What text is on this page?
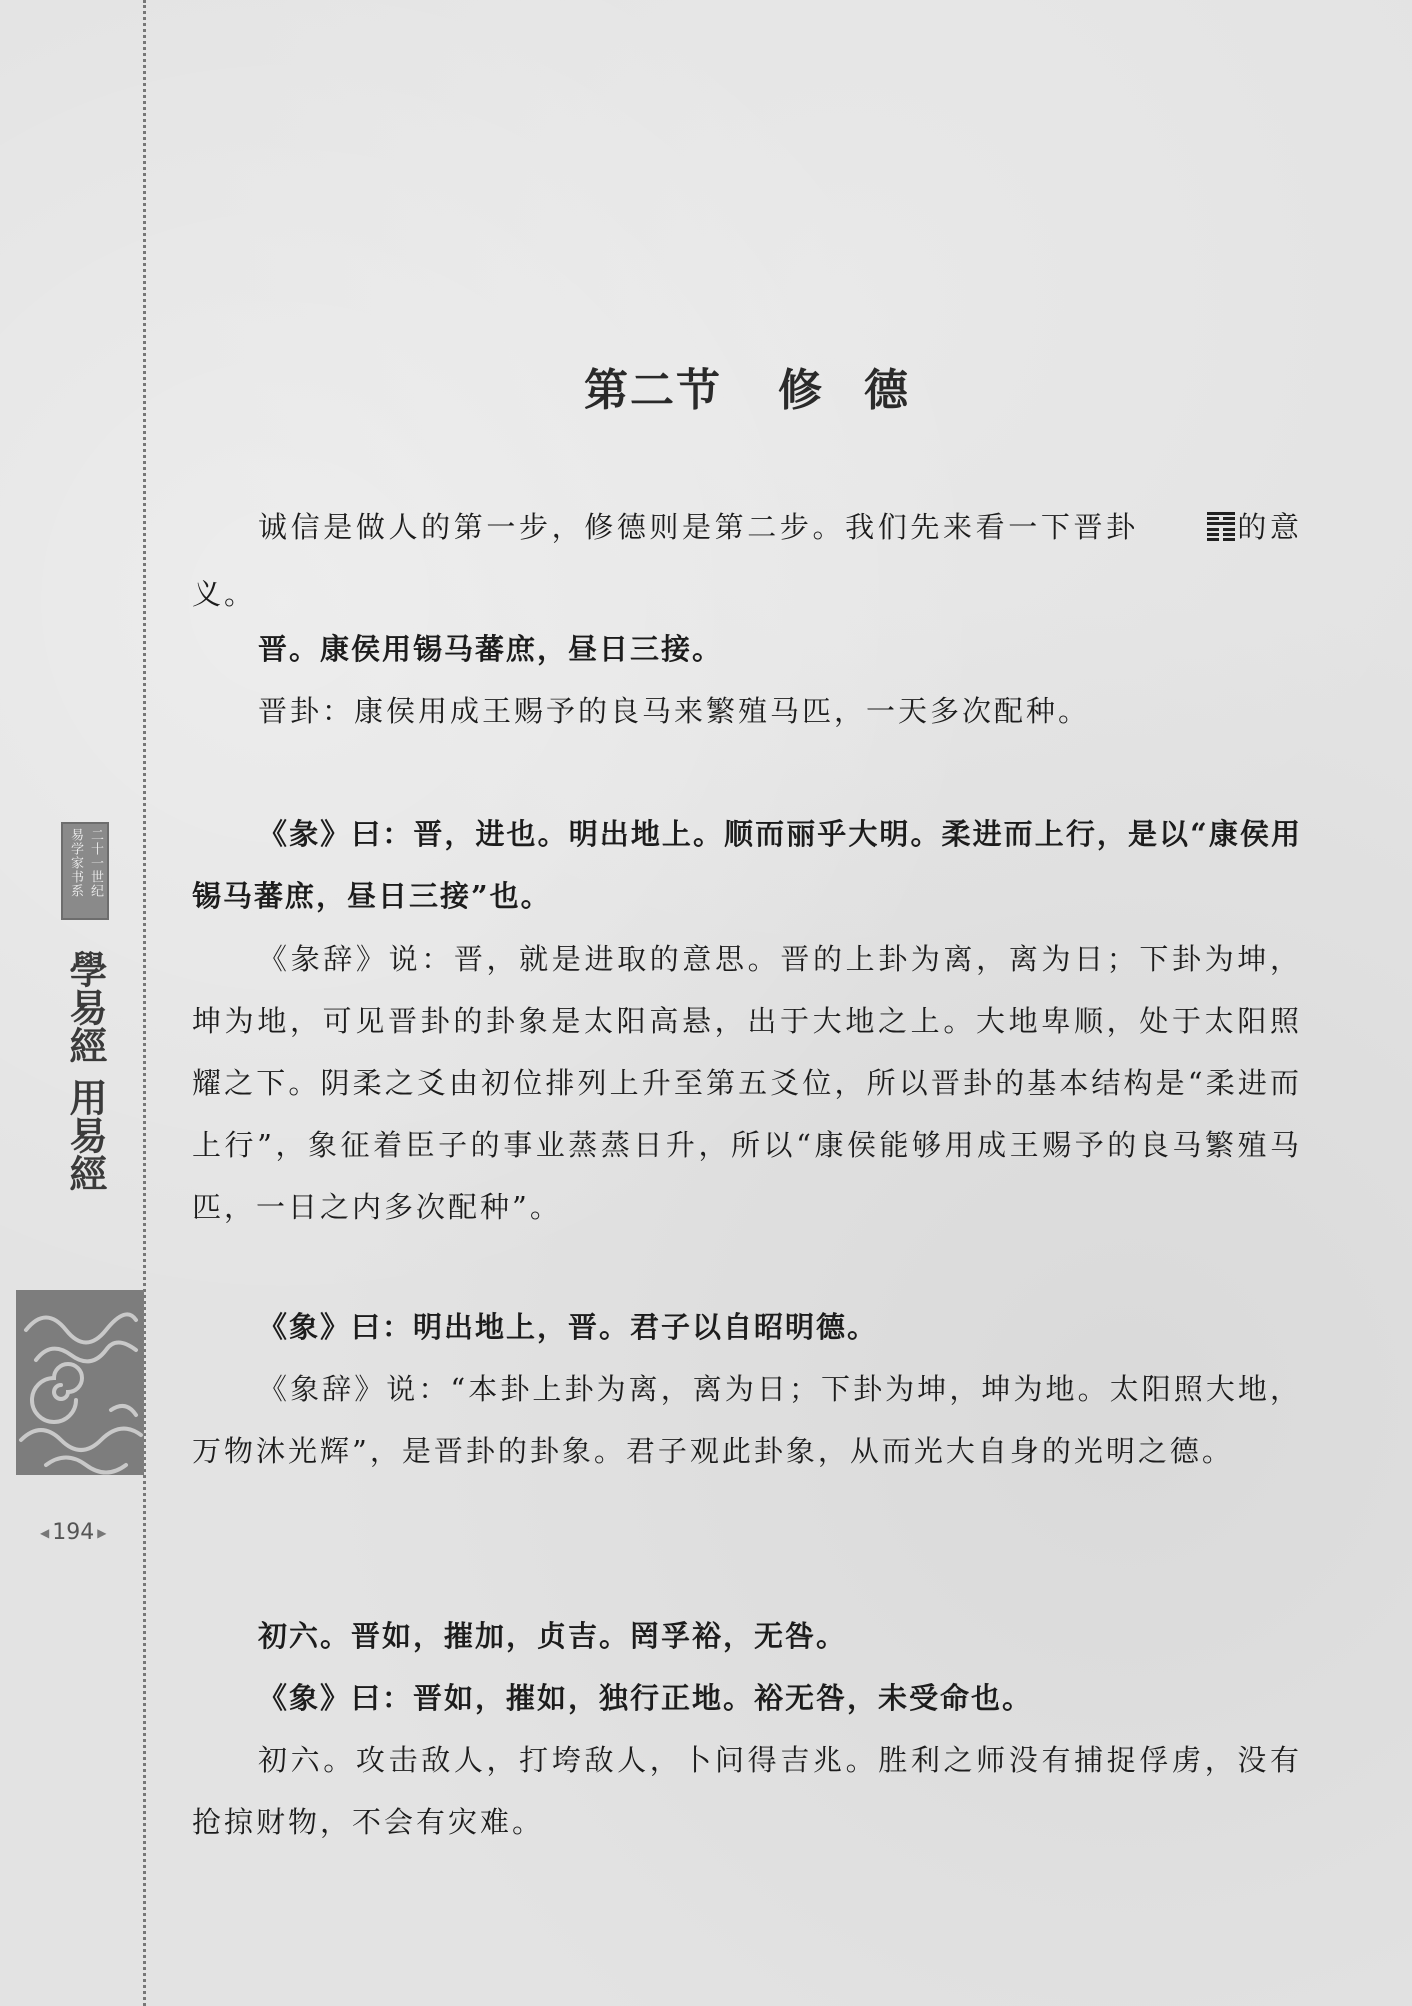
二十一世纪
易学家书系
學易經
用易經
◀ 194 ▶
第二节 修 德

诚信是做人的第一步，修德则是第二步。我们先来看一下晋卦	的意义。

晋。康侯用锡马蕃庶，昼日三接。

晋卦：康侯用成王赐予的良马来繁殖马匹，一天多次配种。

《彖》曰：晋，进也。明出地上。顺而丽乎大明。柔进而上行，是以“康侯用锡马蕃庶，昼日三接”也。

《彖辞》说：晋，就是进取的意思。晋的上卦为离，离为日；下卦为坤，坤为地，可见晋卦的卦象是太阳高悬，出于大地之上。大地卑顺，处于太阳照耀之下。阴柔之爻由初位排列上升至第五爻位，所以晋卦的基本结构是“柔进而上行”，象征着臣子的事业蒸蒸日升，所以“康侯能够用成王赐予的良马繁殖马匹，一日之内多次配种”。

《象》曰：明出地上，晋。君子以自昭明德。

《象辞》说：“本卦上卦为离，离为日；下卦为坤，坤为地。太阳照大地，万物沐光辉”，是晋卦的卦象。君子观此卦象，从而光大自身的光明之德。

初六。晋如，摧加，贞吉。罔孚裕，无咎。

《象》曰：晋如，摧如，独行正地。裕无咎，未受命也。

初六。攻击敌人，打垮敌人，卜问得吉兆。胜利之师没有捕捉俘虏，没有抢掠财物，不会有灾难。
